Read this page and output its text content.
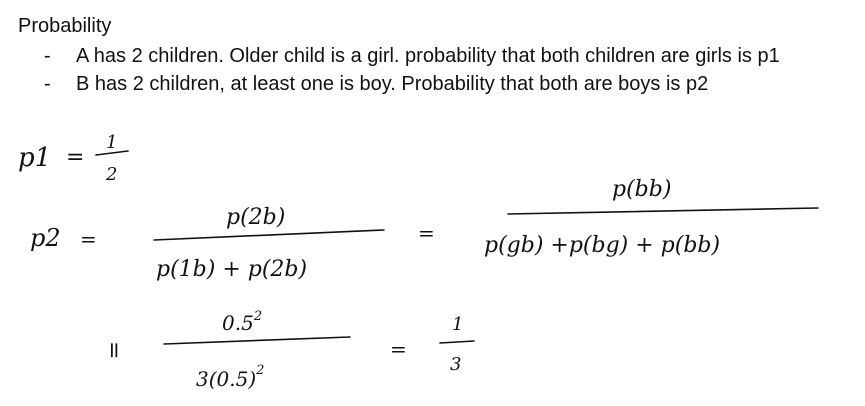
Probability
- A has 2 children. Older child is a girl. probability that both children are girls is p1
- B has 2 children, at least one is boy. Probability that both are boys is p2
p1 =
1
2
p2 =
p(2b)
p(1b) + p(2b)
=
p(bb)
p(gb) +p(bg) + p(bb)
=
$0.5^2$
$3(0.5)^2$
=
1
3
